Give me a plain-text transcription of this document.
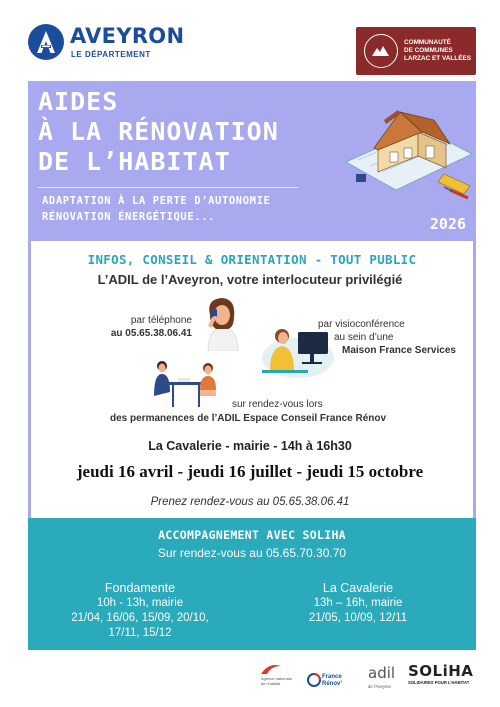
AVEYRON
LE DÉPARTEMENT
COMMUNAUTÉ
DE COMMUNES
LARZAC ET VALLÉES
AIDES
À LA RÉNOVATION
DE L’HABITAT
ADAPTATION À LA PERTE D’AUTONOMIE
RÉNOVATION ÉNERGÉTIQUE...	2026
INFOS, CONSEIL & ORIENTATION - TOUT PUBLIC
L’ADIL de l’Aveyron, votre interlocuteur privilégié
par téléphone
au 05.65.38.06.41
par visioconférence
au sein d’une
Maison France Services
sur rendez-vous lors
des permanences de l’ADIL Espace Conseil France Rénov
La Cavalerie - mairie - 14h à 16h30
jeudi 16 avril - jeudi 16 juillet - jeudi 15 octobre
Prenez rendez-vous au 05.65.38.06.41
ACCOMPAGNEMENT AVEC SOLIHA
Sur rendez-vous au 05.65.70.30.70
Fondamente
10h - 13h, mairie
21/04, 16/06, 15/09, 20/10,
17/11, 15/12
La Cavalerie
13h – 16h, mairie
21/05, 10/09, 12/11
Agence nationale de l’habitat
France
Rénov’
adil
de l’Aveyron
SOLiHA
SOLIDAIRES POUR L’HABITAT
